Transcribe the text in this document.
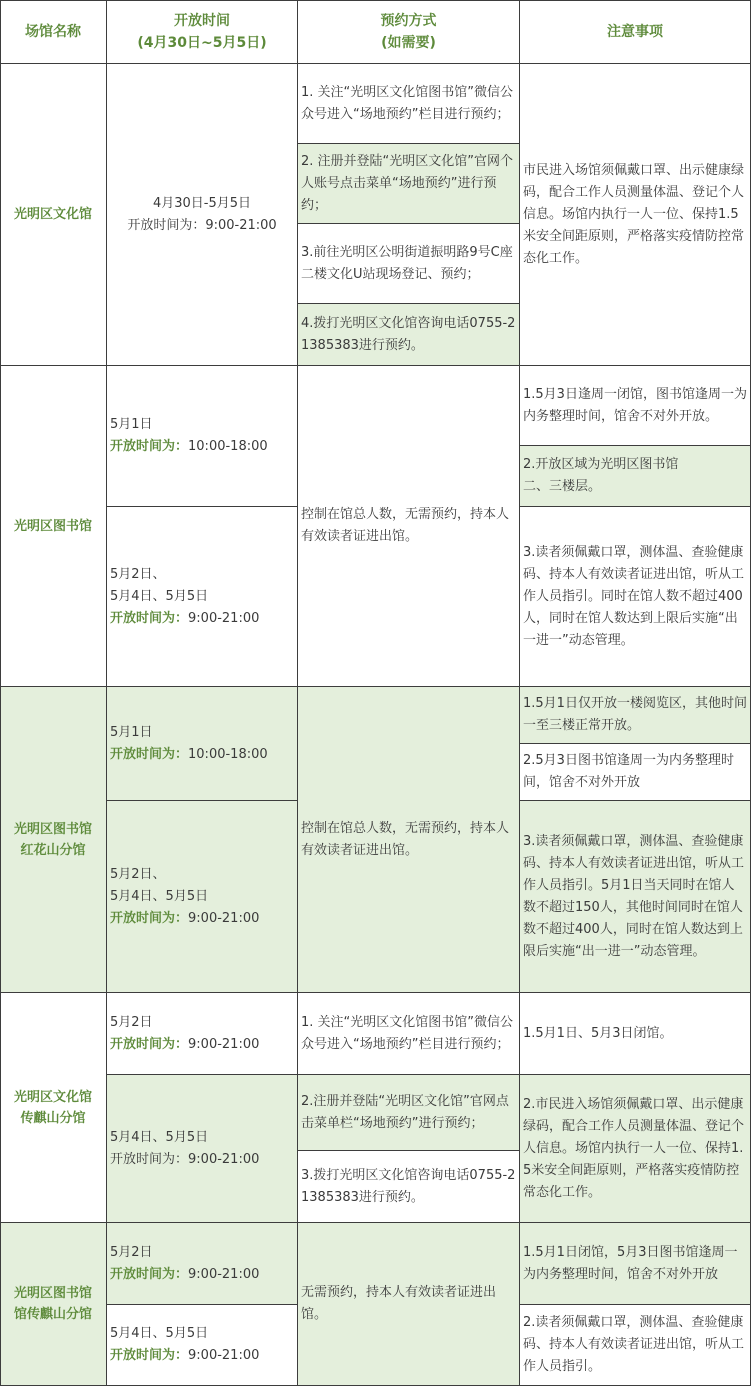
场馆名称
开放时间
(4月30日~5月5日)
预约方式
(如需要)
注意事项
光明区文化馆
4月30日-5月5日
开放时间为：9:00-21:00
1. 关注“光明区文化馆图书馆”微信公众号进入“场地预约”栏目进行预约；
2. 注册并登陆“光明区文化馆”官网个人账号点击菜单“场地预约”进行预约；
3.前往光明区公明街道振明路9号C座二楼文化U站现场登记、预约；
4.拨打光明区文化馆咨询电话0755-21385383进行预约。
市民进入场馆须佩戴口罩、出示健康绿码，配合工作人员测量体温、登记个人信息。场馆内执行一人一位、保持1.5米安全间距原则，严格落实疫情防控常态化工作。
光明区图书馆
5月1日
开放时间为：10:00-18:00
5月2日、
5月4日、5月5日
开放时间为：9:00-21:00
控制在馆总人数，无需预约，持本人有效读者证进出馆。
1.5月3日逢周一闭馆，图书馆逢周一为内务整理时间，馆舍不对外开放。
2.开放区域为光明区图书馆
二、三楼层。
3.读者须佩戴口罩，测体温、查验健康码、持本人有效读者证进出馆，听从工作人员指引。同时在馆人数不超过400人，同时在馆人数达到上限后实施“出一进一”动态管理。
光明区图书馆
红花山分馆
5月1日
开放时间为：10:00-18:00
5月2日、
5月4日、5月5日
开放时间为：9:00-21:00
控制在馆总人数，无需预约，持本人有效读者证进出馆。
1.5月1日仅开放一楼阅览区，其他时间一至三楼正常开放。
2.5月3日图书馆逢周一为内务整理时间，馆舍不对外开放
3.读者须佩戴口罩，测体温、查验健康码、持本人有效读者证进出馆，听从工作人员指引。5月1日当天同时在馆人数不超过150人，其他时间同时在馆人数不超过400人，同时在馆人数达到上限后实施“出一进一”动态管理。
光明区文化馆
传麒山分馆
5月2日
开放时间为：9:00-21:00
5月4日、5月5日
开放时间为：9:00-21:00
1. 关注“光明区文化馆图书馆”微信公众号进入“场地预约”栏目进行预约；
2.注册并登陆“光明区文化馆”官网点击菜单栏“场地预约”进行预约；
3.拨打光明区文化馆咨询电话0755-21385383进行预约。
1.5月1日、5月3日闭馆。
2.市民进入场馆须佩戴口罩、出示健康绿码，配合工作人员测量体温、登记个人信息。场馆内执行一人一位、保持1.5米安全间距原则，严格落实疫情防控常态化工作。
光明区图书馆
馆传麒山分馆
5月2日
开放时间为：9:00-21:00
5月4日、5月5日
开放时间为：9:00-21:00
无需预约，持本人有效读者证进出馆。
1.5月1日闭馆，5月3日图书馆逢周一为内务整理时间，馆舍不对外开放
2.读者须佩戴口罩，测体温、查验健康码、持本人有效读者证进出馆，听从工作人员指引。
